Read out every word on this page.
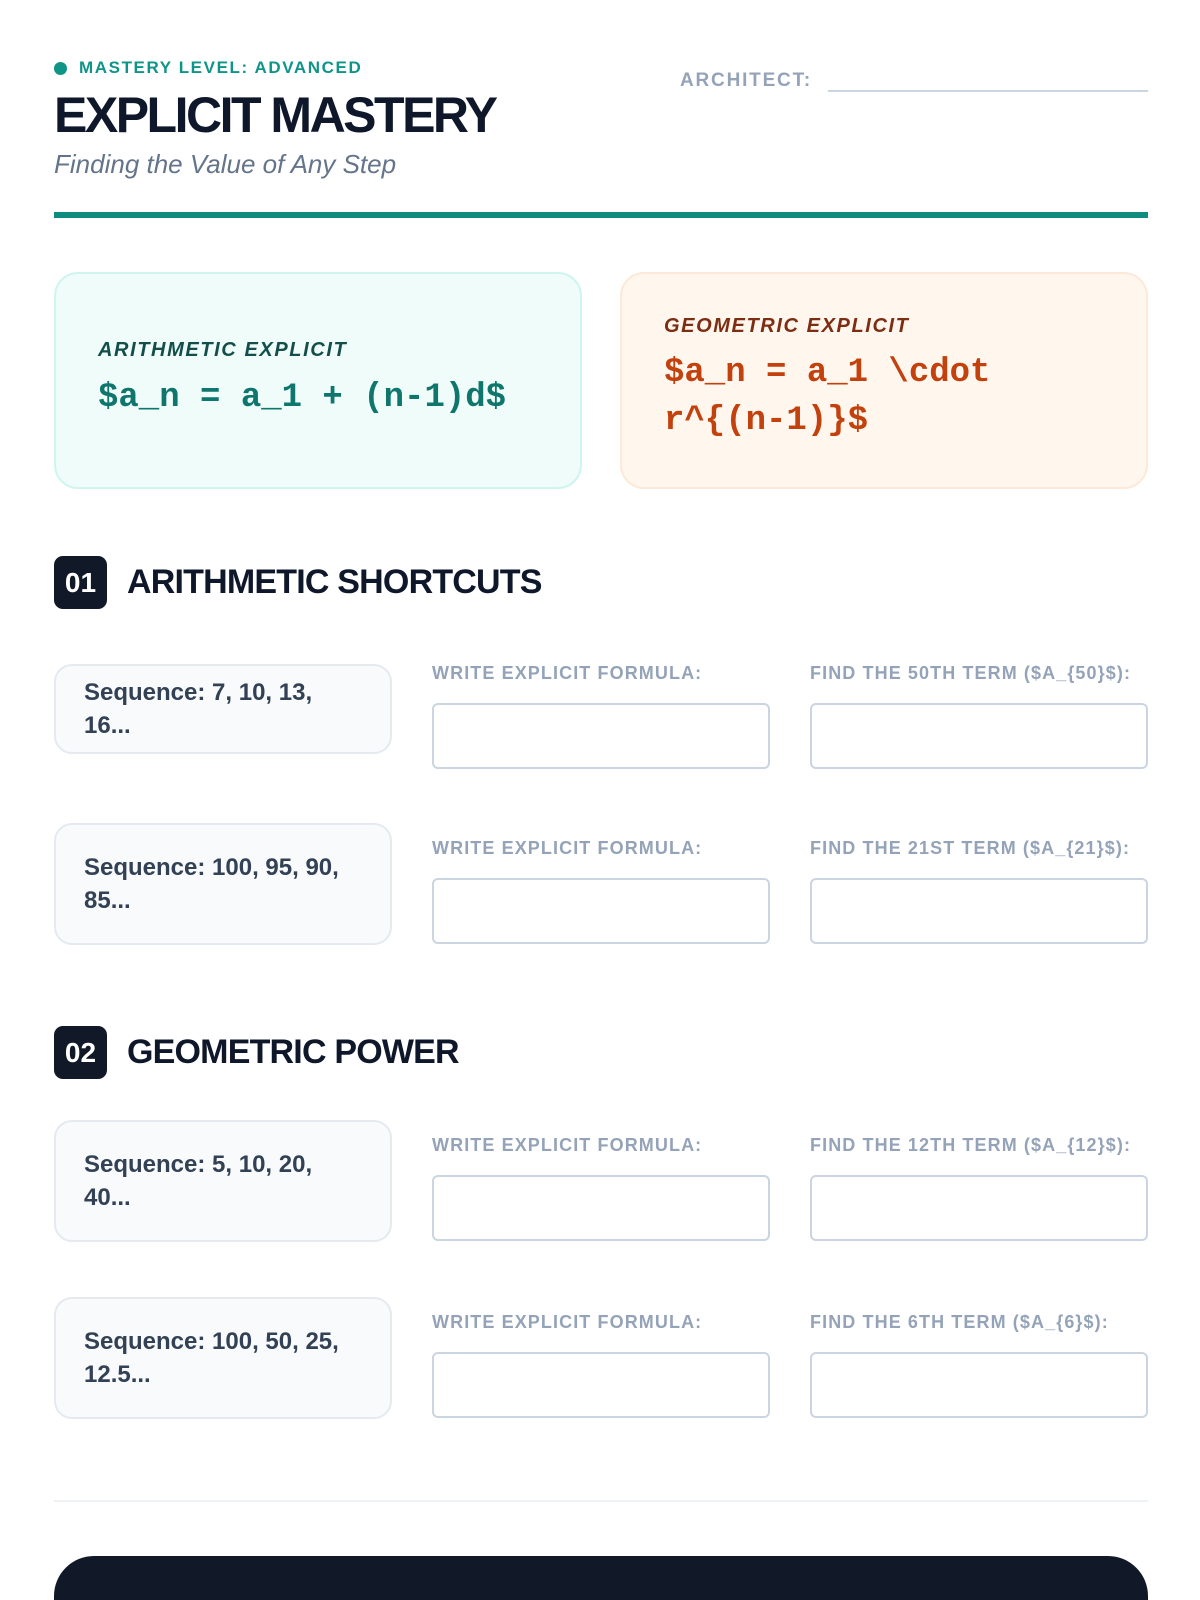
MASTERY LEVEL: ADVANCED
EXPLICIT MASTERY
Finding the Value of Any Step
ARCHITECT:
ARITHMETIC EXPLICIT
$a_n = a_1 + (n-1)d$
GEOMETRIC EXPLICIT
$a_n = a_1 \cdot r^{(n-1)}$
01 ARITHMETIC SHORTCUTS
Sequence: 7, 10, 13, 16...
WRITE EXPLICIT FORMULA:	FIND THE 50TH TERM ($A_{50}$):
Sequence: 100, 95, 90, 85...
WRITE EXPLICIT FORMULA:	FIND THE 21ST TERM ($A_{21}$):
02 GEOMETRIC POWER
Sequence: 5, 10, 20, 40...
WRITE EXPLICIT FORMULA:	FIND THE 12TH TERM ($A_{12}$):
Sequence: 100, 50, 25, 12.5...
WRITE EXPLICIT FORMULA:	FIND THE 6TH TERM ($A_{6}$):
